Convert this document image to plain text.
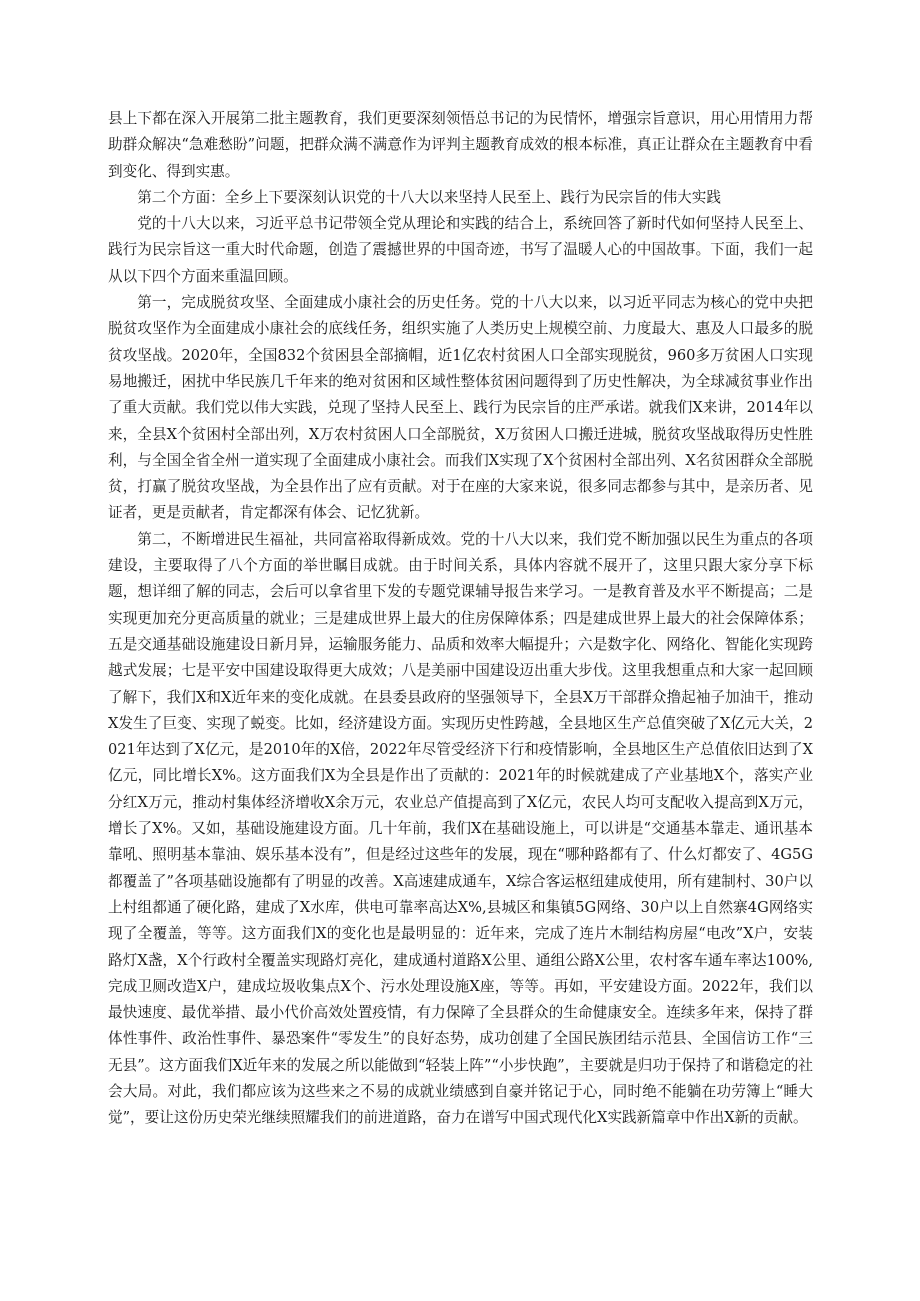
县上下都在深入开展第二批主题教育，我们更要深刻领悟总书记的为民情怀，增强宗旨意识，用心用情用力帮助群众解决“急难愁盼”问题，把群众满不满意作为评判主题教育成效的根本标准，真正让群众在主题教育中看到变化、得到实惠。

第二个方面：全乡上下要深刻认识党的十八大以来坚持人民至上、践行为民宗旨的伟大实践

党的十八大以来，习近平总书记带领全党从理论和实践的结合上，系统回答了新时代如何坚持人民至上、践行为民宗旨这一重大时代命题，创造了震撼世界的中国奇迹，书写了温暖人心的中国故事。下面，我们一起从以下四个方面来重温回顾。

第一，完成脱贫攻坚、全面建成小康社会的历史任务。党的十八大以来，以习近平同志为核心的党中央把脱贫攻坚作为全面建成小康社会的底线任务，组织实施了人类历史上规模空前、力度最大、惠及人口最多的脱贫攻坚战。2020年，全国832个贫困县全部摘帽，近1亿农村贫困人口全部实现脱贫，960多万贫困人口实现易地搬迁，困扰中华民族几千年来的绝对贫困和区域性整体贫困问题得到了历史性解决，为全球减贫事业作出了重大贡献。我们党以伟大实践，兑现了坚持人民至上、践行为民宗旨的庄严承诺。就我们X来讲，2014年以来，全县X个贫困村全部出列，X万农村贫困人口全部脱贫，X万贫困人口搬迁进城，脱贫攻坚战取得历史性胜利，与全国全省全州一道实现了全面建成小康社会。而我们X实现了X个贫困村全部出列、X名贫困群众全部脱贫，打赢了脱贫攻坚战，为全县作出了应有贡献。对于在座的大家来说，很多同志都参与其中，是亲历者、见证者，更是贡献者，肯定都深有体会、记忆犹新。

第二，不断增进民生福祉，共同富裕取得新成效。党的十八大以来，我们党不断加强以民生为重点的各项建设，主要取得了八个方面的举世瞩目成就。由于时间关系，具体内容就不展开了，这里只跟大家分享下标题，想详细了解的同志，会后可以拿省里下发的专题党课辅导报告来学习。一是教育普及水平不断提高；二是实现更加充分更高质量的就业；三是建成世界上最大的住房保障体系；四是建成世界上最大的社会保障体系；五是交通基础设施建设日新月异，运输服务能力、品质和效率大幅提升；六是数字化、网络化、智能化实现跨越式发展；七是平安中国建设取得更大成效；八是美丽中国建设迈出重大步伐。这里我想重点和大家一起回顾了解下，我们X和X近年来的变化成就。在县委县政府的坚强领导下，全县X万干部群众撸起袖子加油干，推动X发生了巨变、实现了蜕变。比如，经济建设方面。实现历史性跨越，全县地区生产总值突破了X亿元大关，2021年达到了X亿元，是2010年的X倍，2022年尽管受经济下行和疫情影响，全县地区生产总值依旧达到了X亿元，同比增长X%。这方面我们X为全县是作出了贡献的：2021年的时候就建成了产业基地X个，落实产业分红X万元，推动村集体经济增收X余万元，农业总产值提高到了X亿元，农民人均可支配收入提高到X万元，增长了X%。又如，基础设施建设方面。几十年前，我们X在基础设施上，可以讲是“交通基本靠走、通讯基本靠吼、照明基本靠油、娱乐基本没有”，但是经过这些年的发展，现在“哪种路都有了、什么灯都安了、4G5G都覆盖了”各项基础设施都有了明显的改善。X高速建成通车，X综合客运枢纽建成使用，所有建制村、30户以上村组都通了硬化路，建成了X水库，供电可靠率高达X%,县城区和集镇5G网络、30户以上自然寨4G网络实现了全覆盖，等等。这方面我们X的变化也是最明显的：近年来，完成了连片木制结构房屋“电改”X户，安装路灯X盏，X个行政村全覆盖实现路灯亮化，建成通村道路X公里、通组公路X公里，农村客车通车率达100%,完成卫厕改造X户，建成垃圾收集点X个、污水处理设施X座，等等。再如，平安建设方面。2022年，我们以最快速度、最优举措、最小代价高效处置疫情，有力保障了全县群众的生命健康安全。连续多年来，保持了群体性事件、政治性事件、暴恐案件“零发生”的良好态势，成功创建了全国民族团结示范县、全国信访工作“三无县”。这方面我们X近年来的发展之所以能做到“轻装上阵”“小步快跑”，主要就是归功于保持了和谐稳定的社会大局。对此，我们都应该为这些来之不易的成就业绩感到自豪并铭记于心，同时绝不能躺在功劳簿上“睡大觉”，要让这份历史荣光继续照耀我们的前进道路，奋力在谱写中国式现代化X实践新篇章中作出X新的贡献。
